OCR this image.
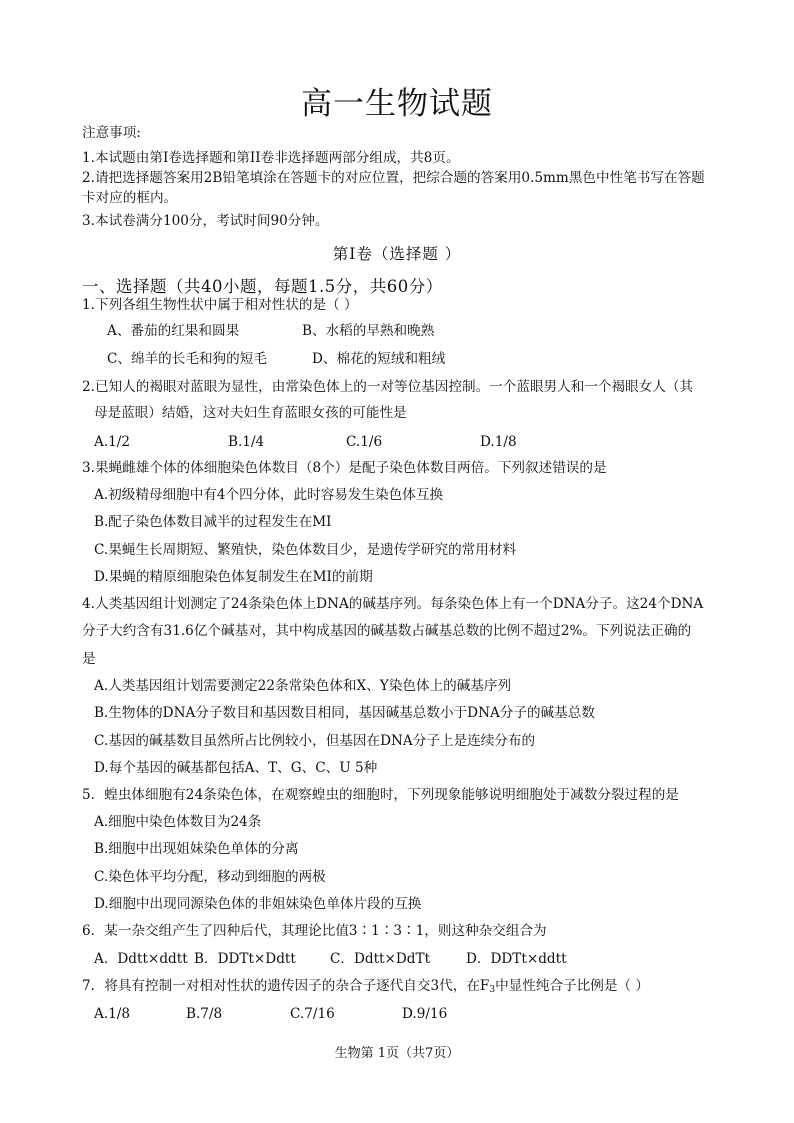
高一生物试题
注意事项:
1.本试题由第Ⅰ卷选择题和第II卷非选择题两部分组成，共8页。
2.请把选择题答案用2B铅笔填涂在答题卡的对应位置，把综合题的答案用0.5mm黑色中性笔书写在答题
卡对应的框内。
3.本试卷满分100分，考试时间90分钟。
第Ⅰ卷（选择题 ）
一、选择题（共40小题，每题1.5分，共60分）
1.下列各组生物性状中属于相对性状的是（ ）
A、番茄的红果和圆果	B、水稻的早熟和晚熟
C、绵羊的长毛和狗的短毛	D、棉花的短绒和粗绒
2.已知人的褐眼对蓝眼为显性，由常染色体上的一对等位基因控制。一个蓝眼男人和一个褐眼女人（其
母是蓝眼）结婚，这对夫妇生育蓝眼女孩的可能性是
A.1/2	B.1/4	C.1/6	D.1/8
3.果蝇雌雄个体的体细胞染色体数目（8个）是配子染色体数目两倍。下列叙述错误的是
A.初级精母细胞中有4个四分体，此时容易发生染色体互换
B.配子染色体数目减半的过程发生在MⅠ
C.果蝇生长周期短、繁殖快，染色体数目少，是遗传学研究的常用材料
D.果蝇的精原细胞染色体复制发生在MⅠ的前期
4.人类基因组计划测定了24条染色体上DNA的碱基序列。每条染色体上有一个DNA分子。这24个DNA
分子大约含有31.6亿个碱基对，其中构成基因的碱基数占碱基总数的比例不超过2%。下列说法正确的
是
A.人类基因组计划需要测定22条常染色体和X、Y染色体上的碱基序列
B.生物体的DNA分子数目和基因数目相同，基因碱基总数小于DNA分子的碱基总数
C.基因的碱基数目虽然所占比例较小，但基因在DNA分子上是连续分布的
D.每个基因的碱基都包括A、T、G、C、U 5种
5．蝗虫体细胞有24条染色体，在观察蝗虫的细胞时，下列现象能够说明细胞处于减数分裂过程的是
A.细胞中染色体数目为24条
B.细胞中出现姐妹染色单体的分离
C.染色体平均分配，移动到细胞的两极
D.细胞中出现同源染色体的非姐妹染色单体片段的互换
6．某一杂交组产生了四种后代，其理论比值3∶1∶3∶1，则这种杂交组合为
A．Ddtt×ddtt B．DDTt×Ddtt	C．Ddtt×DdTt	D．DDTt×ddtt
7．将具有控制一对相对性状的遗传因子的杂合子逐代自交3代，在$F_3$中显性纯合子比例是（ ）
A.1/8	B.7/8	C.7/16	D.9/16
生物第 1页（共7页）
